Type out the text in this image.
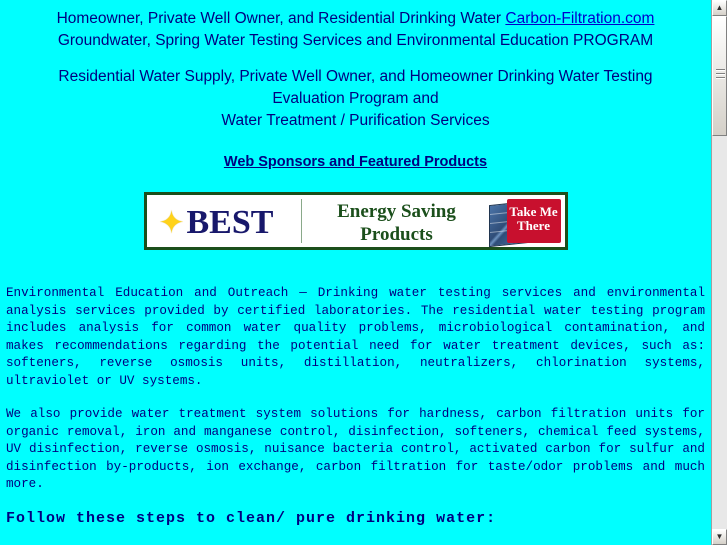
Homeowner, Private Well Owner, and Residential Drinking Water Carbon-Filtration.com
Groundwater, Spring Water Testing Services and Environmental Education PROGRAM
Residential Water Supply, Private Well Owner, and Homeowner Drinking Water Testing
Evaluation Program and
Water Treatment / Purification Services
Web Sponsors and Featured Products
✦ BEST	Energy Saving
Products
Take Me
There

Environmental Education and Outreach — Drinking water testing services and environmental analysis services provided by certified laboratories. The residential water testing program includes analysis for common water quality problems, microbiological contamination, and makes recommendations regarding the potential need for water treatment devices, such as: softeners, reverse osmosis units, distillation, neutralizers, chlorination systems, ultraviolet or UV systems.

We also provide water treatment system solutions for hardness, carbon filtration units for organic removal, iron and manganese control, disinfection, softeners, chemical feed systems, UV disinfection, reverse osmosis, nuisance bacteria control, activated carbon for sulfur and disinfection by-products, ion exchange, carbon filtration for taste/odor problems and much more.

Follow these steps to clean/ pure drinking water:
▲
▼
